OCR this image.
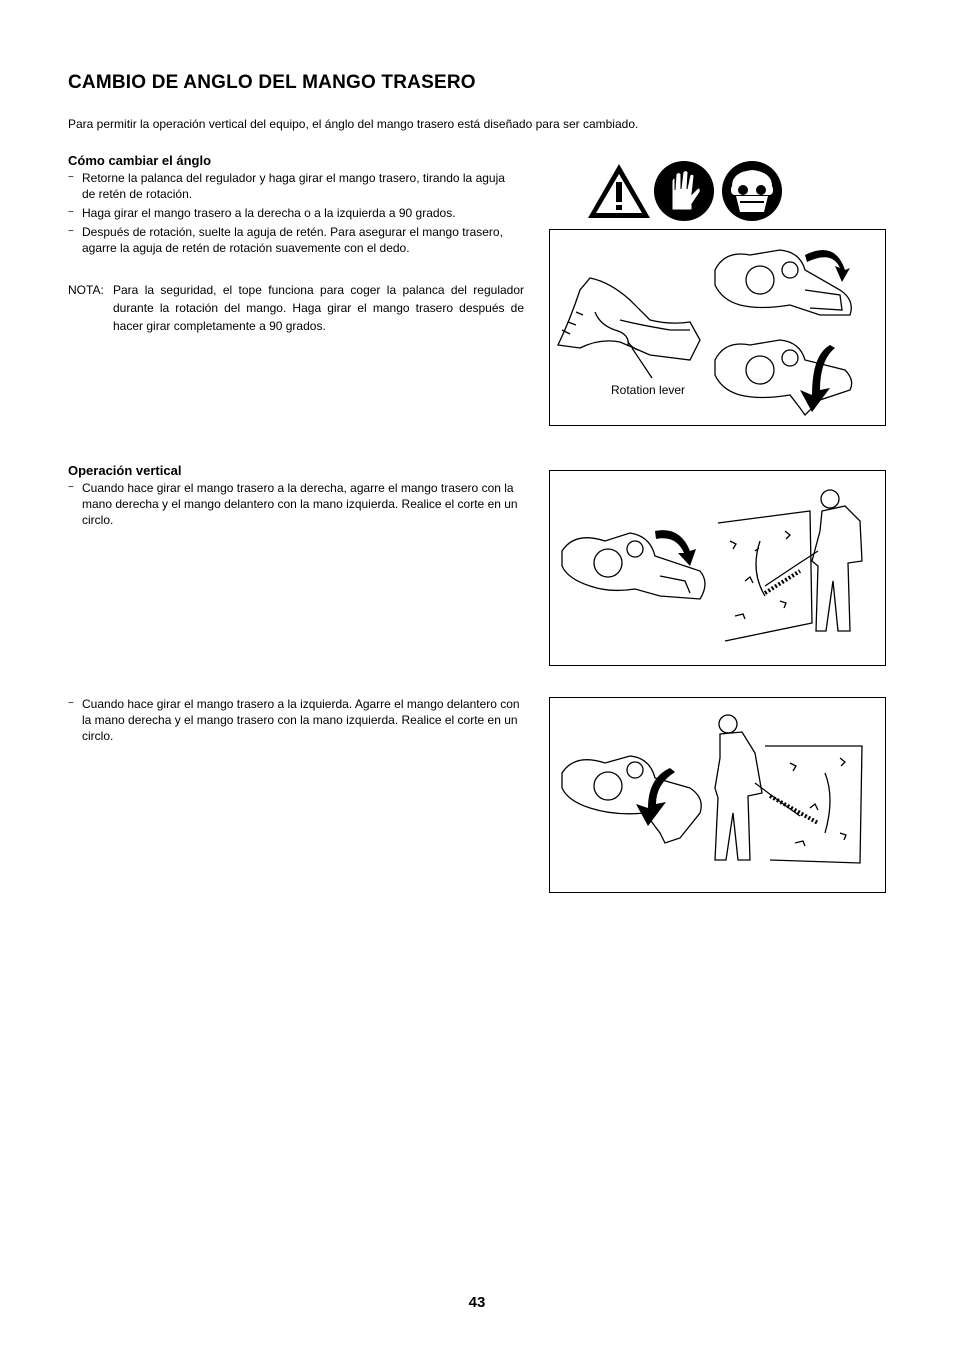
CAMBIO DE ANGLO DEL MANGO TRASERO
Para permitir la operación vertical del equipo, el ánglo del mango trasero está diseñado para ser cambiado.
Cómo cambiar el ánglo
− Retorne la palanca del regulador y haga girar el mango trasero, tirando la aguja de retén de rotación.
− Haga girar el mango trasero a la derecha o a la izquierda a 90 grados.
− Después de rotación, suelte la aguja de retén. Para asegurar el mango trasero, agarre la aguja de retén de rotación suavemente con el dedo.
NOTA: Para la seguridad, el tope funciona para coger la palanca del regulador durante la rotación del mango. Haga girar el mango trasero después de hacer girar completamente a 90 grados.
Rotation lever
Operación vertical
− Cuando hace girar el mango trasero a la derecha, agarre el mango trasero con la mano derecha y el mango delantero con la mano izquierda. Realice el corte en un circlo.
− Cuando hace girar el mango trasero a la izquierda. Agarre el mango delantero con la mano derecha y el mango trasero con la mano izquierda. Realice el corte en un circlo.
43
